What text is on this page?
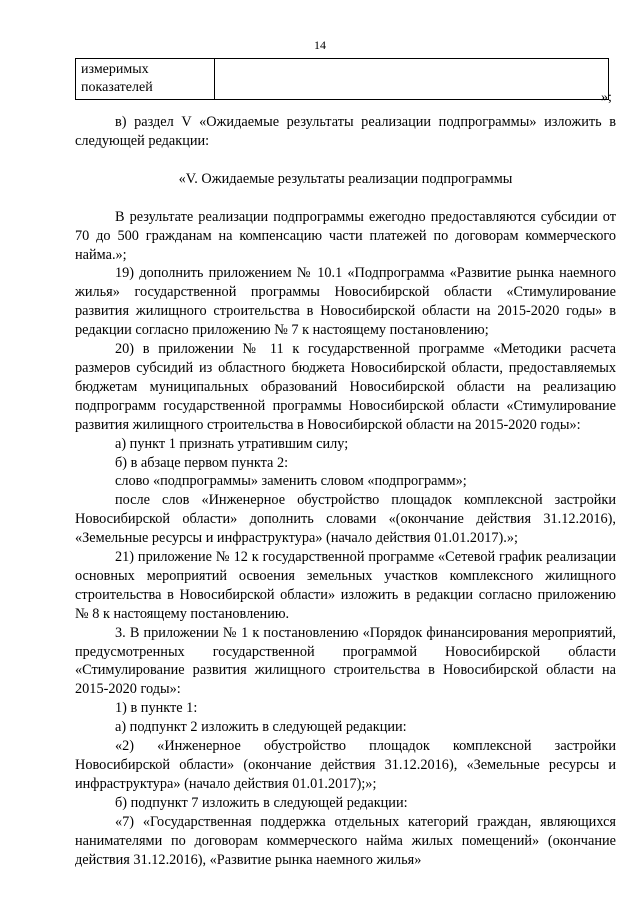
14
измеримых
показателей

»;

в) раздел V «Ожидаемые результаты реализации подпрограммы» изложить в следующей редакции:

«V. Ожидаемые результаты реализации подпрограммы

В результате реализации подпрограммы ежегодно предоставляются субсидии от 70 до 500 гражданам на компенсацию части платежей по договорам коммерческого найма.»;

19) дополнить приложением № 10.1 «Подпрограмма «Развитие рынка наемного жилья» государственной программы Новосибирской области «Стимулирование развития жилищного строительства в Новосибирской области на 2015-2020 годы» в редакции согласно приложению № 7 к настоящему постановлению;

20) в приложении № 11 к государственной программе «Методики расчета размеров субсидий из областного бюджета Новосибирской области, предоставляемых бюджетам муниципальных образований Новосибирской области на реализацию подпрограмм государственной программы Новосибирской области «Стимулирование развития жилищного строительства в Новосибирской области на 2015-2020 годы»:

а) пункт 1 признать утратившим силу;

б) в абзаце первом пункта 2:

слово «подпрограммы» заменить словом «подпрограмм»;

после слов «Инженерное обустройство площадок комплексной застройки Новосибирской области» дополнить словами «(окончание действия 31.12.2016), «Земельные ресурсы и инфраструктура» (начало действия 01.01.2017).»;

21) приложение № 12 к государственной программе «Сетевой график реализации основных мероприятий освоения земельных участков комплексного жилищного строительства в Новосибирской области» изложить в редакции согласно приложению № 8 к настоящему постановлению.

3. В приложении № 1 к постановлению «Порядок финансирования мероприятий, предусмотренных государственной программой Новосибирской области «Стимулирование развития жилищного строительства в Новосибирской области на 2015-2020 годы»:

1) в пункте 1:

а) подпункт 2 изложить в следующей редакции:

«2) «Инженерное обустройство площадок комплексной застройки Новосибирской области» (окончание действия 31.12.2016), «Земельные ресурсы и инфраструктура» (начало действия 01.01.2017);»;

б) подпункт 7 изложить в следующей редакции:

«7) «Государственная поддержка отдельных категорий граждан, являющихся нанимателями по договорам коммерческого найма жилых помещений» (окончание действия 31.12.2016), «Развитие рынка наемного жилья»
